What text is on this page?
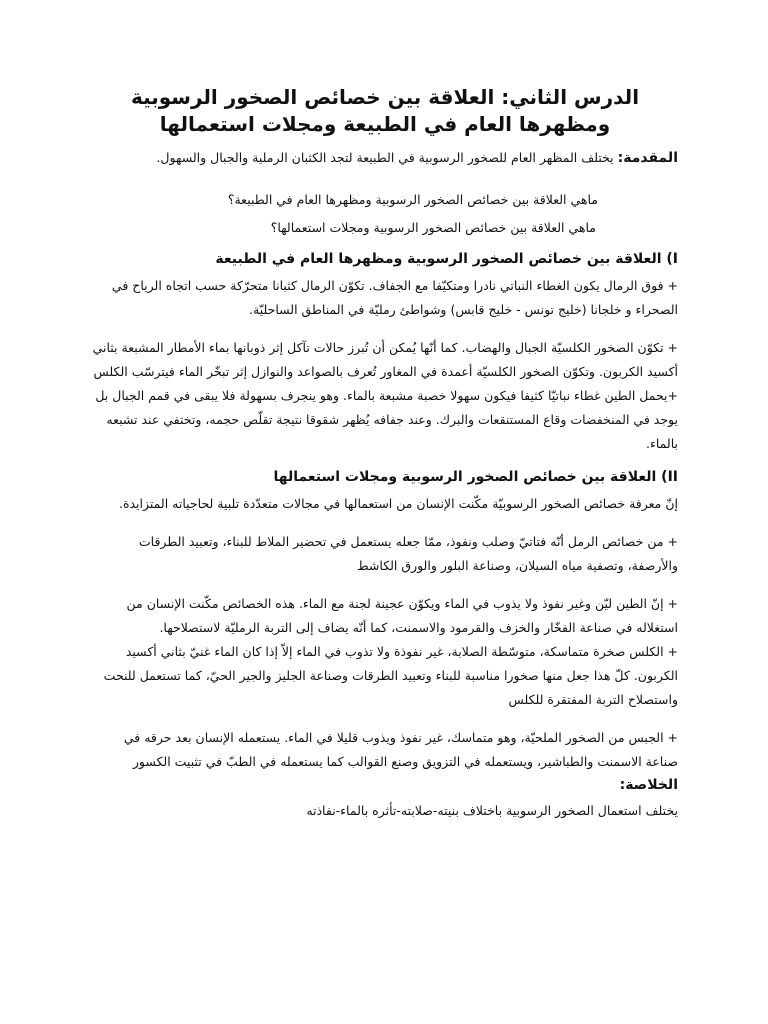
الدرس الثاني: العلاقة بين خصائص الصخور الرسوبية
ومظهرها العام في الطبيعة ومجلات استعمالها

المقدمة: يختلف المظهر العام للصخور الرسوبية في الطبيعة لتجد الكثبان الرملية والجبال والسهول.

ماهي العلاقة بين خصائص الصخور الرسوبية ومظهرها العام في الطبيعة؟

ماهي العلاقة بين خصائص الصخور الرسوبية ومجلات استعمالها؟

I) العلاقة بين خصائص الصخور الرسوبية ومظهرها العام في الطبيعة

+ فوق الرمال يكون الغطاء النباتي نادرا ومتكيّفا مع الجفاف. تكوّن الرمال كثبانا متحرّكة حسب اتجاه الرياح في الصحراء و خلجانا (خليج تونس - خليج قابس) وشواطئ رمليّة في المناطق الساحليّة.

+ تكوّن الصخور الكلسيّة الجبال والهضاب. كما أنّها يُمكن أن تُبرز حالات تآكل إثر ذوبانها بماء الأمطار المشبعة بثاني أكسيد الكربون. وتكوّن الصخور الكلسيّة أعمدة في المغاور تُعرف بالصواعد والنوازل إثر تبخّر الماء فيترسّب الكلس

+يحمل الطين غطاء نباتيّا كثيفا فيكون سهولا خصبة مشبعة بالماء. وهو ينجرف بسهولة فلا يبقى في قمم الجبال بل يوجد في المنخفضات وقاع المستنقعات والبرك. وعند جفافه يُظهر شقوقا نتيجة تقلّص حجمه، وتختفي عند تشبعه بالماء.

II) العلاقة بين خصائص الصخور الرسوبية ومجلات استعمالها

إنّ معرفة خصائص الصخور الرسوبيّة مكّنت الإنسان من استعمالها في مجالات متعدّدة تلبية لحاجياته المتزايدة.

+ من خصائص الرمل أنّه فتاتيّ وصلب ونفوذ، ممّا جعله يستعمل في تحضير الملاط للبناء، وتعبيد الطرقات والأرصفة، وتصفية مياه السيلان، وصناعة البلور والورق الكاشط

+ إنّ الطين ليّن وغير نفوذ ولا يذوب في الماء ويكوّن عجينة لجنة مع الماء. هذه الخصائص مكّنت الإنسان من استغلاله في صناعة الفخّار والخزف والقرمود والاسمنت، كما أنّه يضاف إلى التربة الرمليّة لاستصلاحها.

+ الكلس صخرة متماسكة، متوسّطة الصلابة، غير نفوذة ولا تذوب في الماء إلاّ إذا كان الماء غنيّ بثاني أكسيد الكربون. كلّ هذا جعل منها صخورا مناسبة للبناء وتعبيد الطرقات وصناعة الجليز والجير الحيّ، كما تستعمل للنحت واستصلاح التربة المفتقرة للكلس

+ الجبس من الصخور الملحيّة، وهو متماسك، غير نفوذ ويذوب قليلا في الماء. يستعمله الإنسان بعد حرقه في صناعة الاسمنت والطباشير، ويستعمله في التزويق وصنع القوالب كما يستعمله في الطبّ في تثبيت الكسور

الخلاصة:

يختلف استعمال الصخور الرسوبية باختلاف بنيته-صلابته-تأثره بالماء-نفاذته
